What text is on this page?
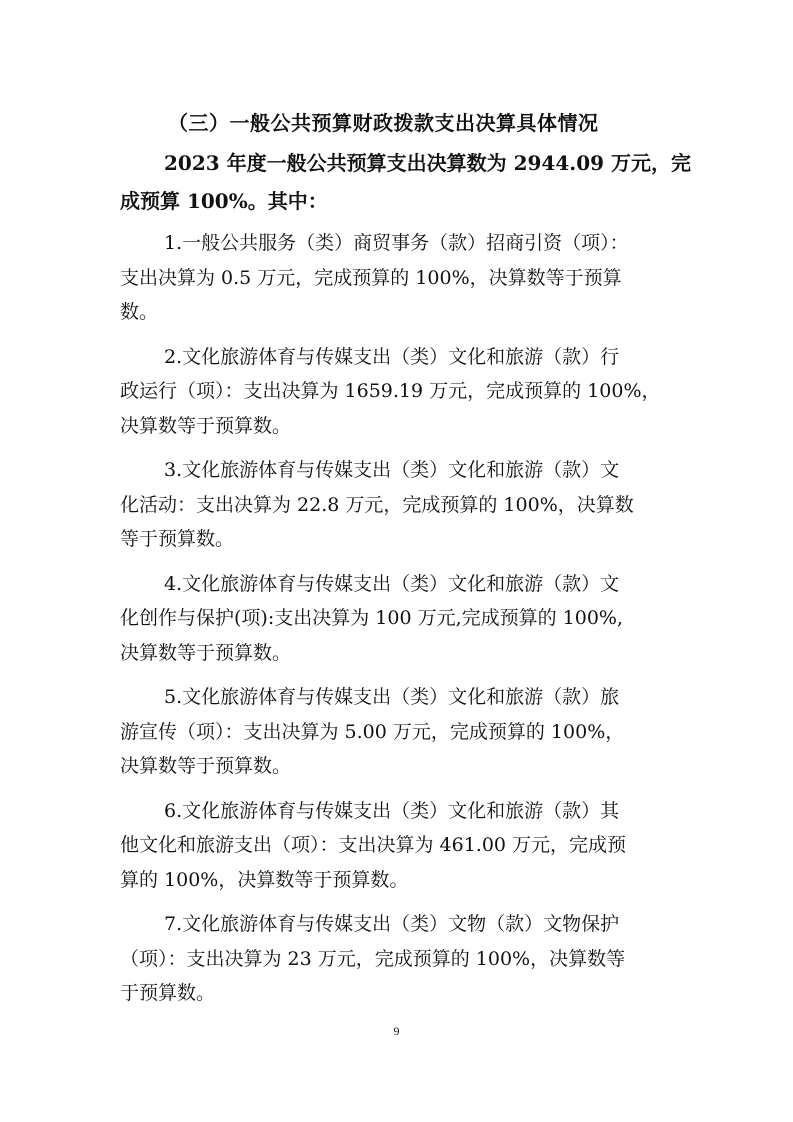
（三）一般公共预算财政拨款支出决算具体情况
2023 年度一般公共预算支出决算数为 2944.09 万元，完
成预算 100%。其中：
1.一般公共服务（类）商贸事务（款）招商引资（项）：
支出决算为 0.5 万元，完成预算的 100%，决算数等于预算
数。
2.文化旅游体育与传媒支出（类）文化和旅游（款）行
政运行（项）：支出决算为 1659.19 万元，完成预算的 100%，
决算数等于预算数。
3.文化旅游体育与传媒支出（类）文化和旅游（款）文
化活动：支出决算为 22.8 万元，完成预算的 100%，决算数
等于预算数。
4.文化旅游体育与传媒支出（类）文化和旅游（款）文
化创作与保护(项):支出决算为 100 万元,完成预算的 100%,
决算数等于预算数。
5.文化旅游体育与传媒支出（类）文化和旅游（款）旅
游宣传（项）：支出决算为 5.00 万元，完成预算的 100%，
决算数等于预算数。
6.文化旅游体育与传媒支出（类）文化和旅游（款）其
他文化和旅游支出（项）：支出决算为 461.00 万元，完成预
算的 100%，决算数等于预算数。
7.文化旅游体育与传媒支出（类）文物（款）文物保护
（项）：支出决算为 23 万元，完成预算的 100%，决算数等
于预算数。
9
